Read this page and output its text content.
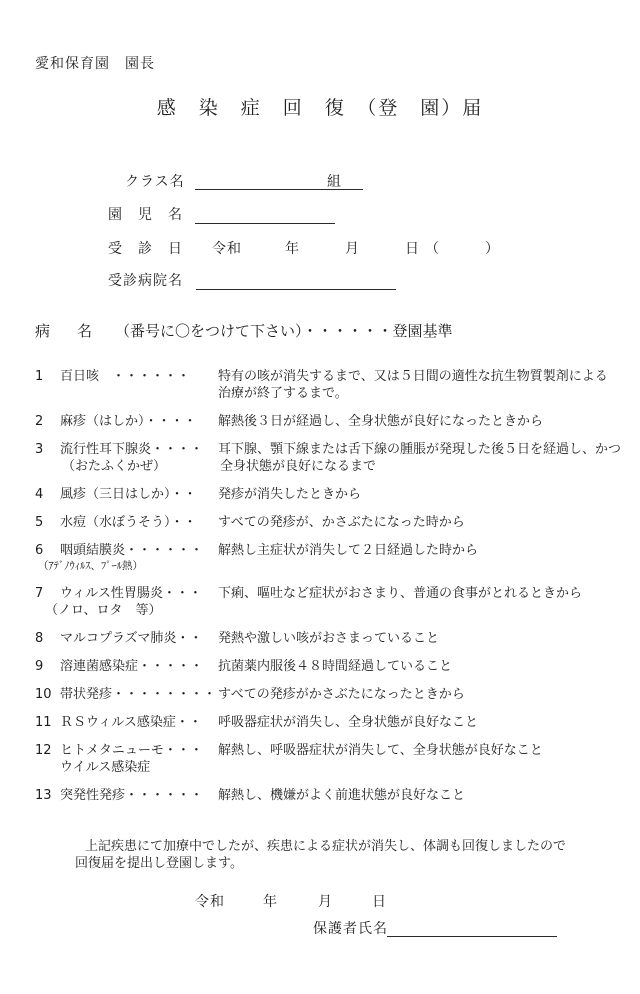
愛和保育園　園長
感　染　症　回　復　（登　園）届
クラス名	組
園　児　名
受　診　日 令和	年	月	日 （　　　）
受診病院名
病　名 （番号に〇をつけて下さい）・・・・・・登園基準
1	百日咳　・・・・・・	特有の咳が消失するまで、又は５日間の適性な抗生物質製剤による
治療が終了するまで。
2	麻疹（はしか）・・・・	解熱後３日が経過し、全身状態が良好になったときから
3	流行性耳下腺炎・・・・	耳下腺、顎下線または舌下線の腫脹が発現した後５日を経過し、かつ
（おたふくかぜ）	全身状態が良好になるまで
4	風疹（三日はしか）・・	発疹が消失したときから
5	水痘（水ぼうそう）・・	すべての発疹が、かさぶたになった時から
6	咽頭結膜炎・・・・・・	解熱し主症状が消失して２日経過した時から
（ｱﾃﾞﾉｳｨﾙｽ、ﾌﾟｰﾙ熱）
7	ウィルス性胃腸炎・・・	下痢、嘔吐など症状がおさまり、普通の食事がとれるときから
（ノロ、ロタ　等）
8	マルコプラズマ肺炎・・	発熱や激しい咳がおさまっていること
9	溶連菌感染症・・・・・	抗菌薬内服後４８時間経過していること
10 帯状発疹・・・・・・・・ すべての発疹がかさぶたになったときから
11 ＲＳウィルス感染症・・	呼吸器症状が消失し、全身状態が良好なこと
12 ヒトメタニューモ・・・	解熱し、呼吸器症状が消失して、全身状態が良好なこと
ウイルス感染症
13 突発性発疹・・・・・・	解熱し、機嫌がよく前進状態が良好なこと
上記疾患にて加療中でしたが、疾患による症状が消失し、体調も回復しましたので
回復届を提出し登園します。
令和	年	月	日
保護者氏名
